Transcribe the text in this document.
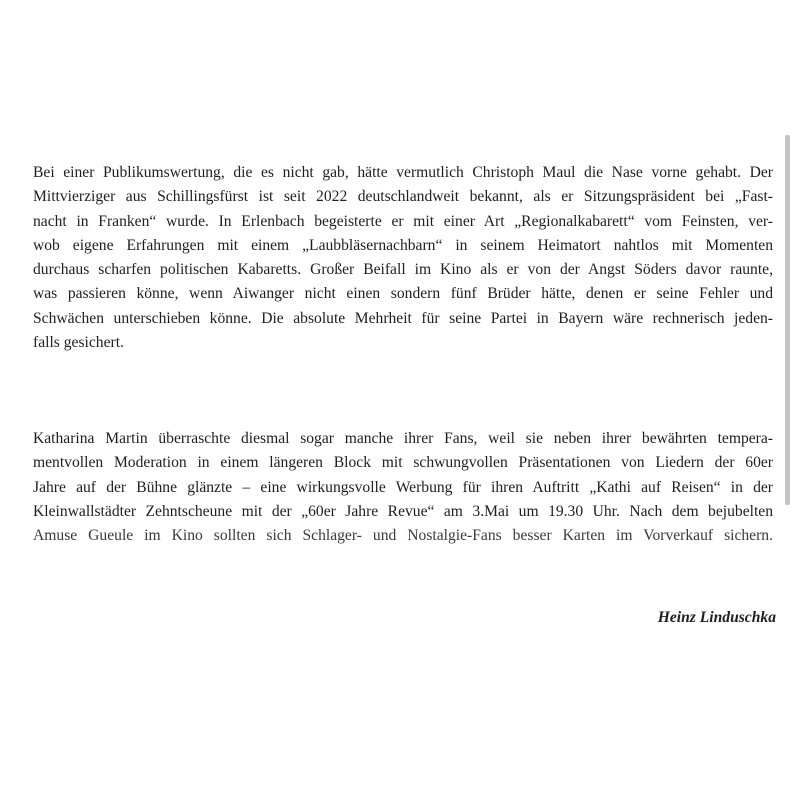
Bei einer Publikumswertung, die es nicht gab, hätte vermutlich Christoph Maul die Nase vorne gehabt. Der
Mittvierziger aus Schillingsfürst ist seit 2022 deutschlandweit bekannt, als er Sitzungspräsident bei „Fast-
nacht in Franken“ wurde. In Erlenbach begeisterte er mit einer Art „Regionalkabarett“ vom Feinsten, ver-
wob eigene Erfahrungen mit einem „Laubbläsernachbarn“ in seinem Heimatort nahtlos mit Momenten
durchaus scharfen politischen Kabaretts. Großer Beifall im Kino als er von der Angst Söders davor raunte,
was passieren könne, wenn Aiwanger nicht einen sondern fünf Brüder hätte, denen er seine Fehler und
Schwächen unterschieben könne. Die absolute Mehrheit für seine Partei in Bayern wäre rechnerisch jeden-
falls gesichert.
Katharina Martin überraschte diesmal sogar manche ihrer Fans, weil sie neben ihrer bewährten tempera-
mentvollen Moderation in einem längeren Block mit schwungvollen Präsentationen von Liedern der 60er
Jahre auf der Bühne glänzte – eine wirkungsvolle Werbung für ihren Auftritt „Kathi auf Reisen“ in der
Kleinwallstädter Zehntscheune mit der „60er Jahre Revue“ am 3.Mai um 19.30 Uhr. Nach dem bejubelten
Amuse Gueule im Kino sollten sich Schlager- und Nostalgie-Fans besser Karten im Vorverkauf sichern.
Heinz Linduschka
